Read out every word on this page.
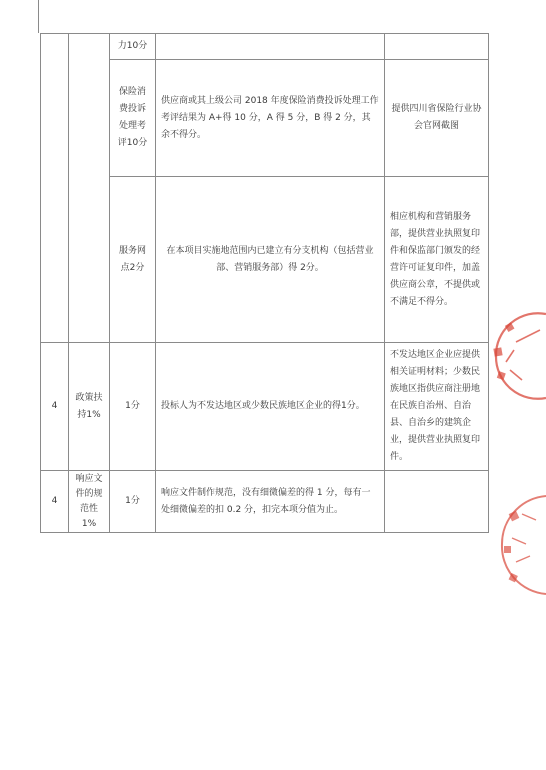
		力10分		
		保险消费投诉处理考评10分	供应商或其上级公司 2018 年度保险消费投诉处理工作考评结果为 A+得 10 分，A 得 5 分，B 得 2 分，其余不得分。	提供四川省保险行业协会官网截图
		服务网点2分	在本项目实施地范围内已建立有分支机构（包括营业部、营销服务部）得 2分。	相应机构和营销服务部，提供营业执照复印件和保监部门颁发的经营许可证复印件，加盖供应商公章，不提供或不满足不得分。
4	政策扶持1%	1分	投标人为不发达地区或少数民族地区企业的得1分。	不发达地区企业应提供相关证明材料；少数民族地区指供应商注册地在民族自治州、自治县、自治乡的建筑企业，提供营业执照复印件。
4	响应文件的规范性1%	1分	响应文件制作规范，没有细微偏差的得 1 分，每有一处细微偏差的扣 0.2 分，扣完本项分值为止。	
